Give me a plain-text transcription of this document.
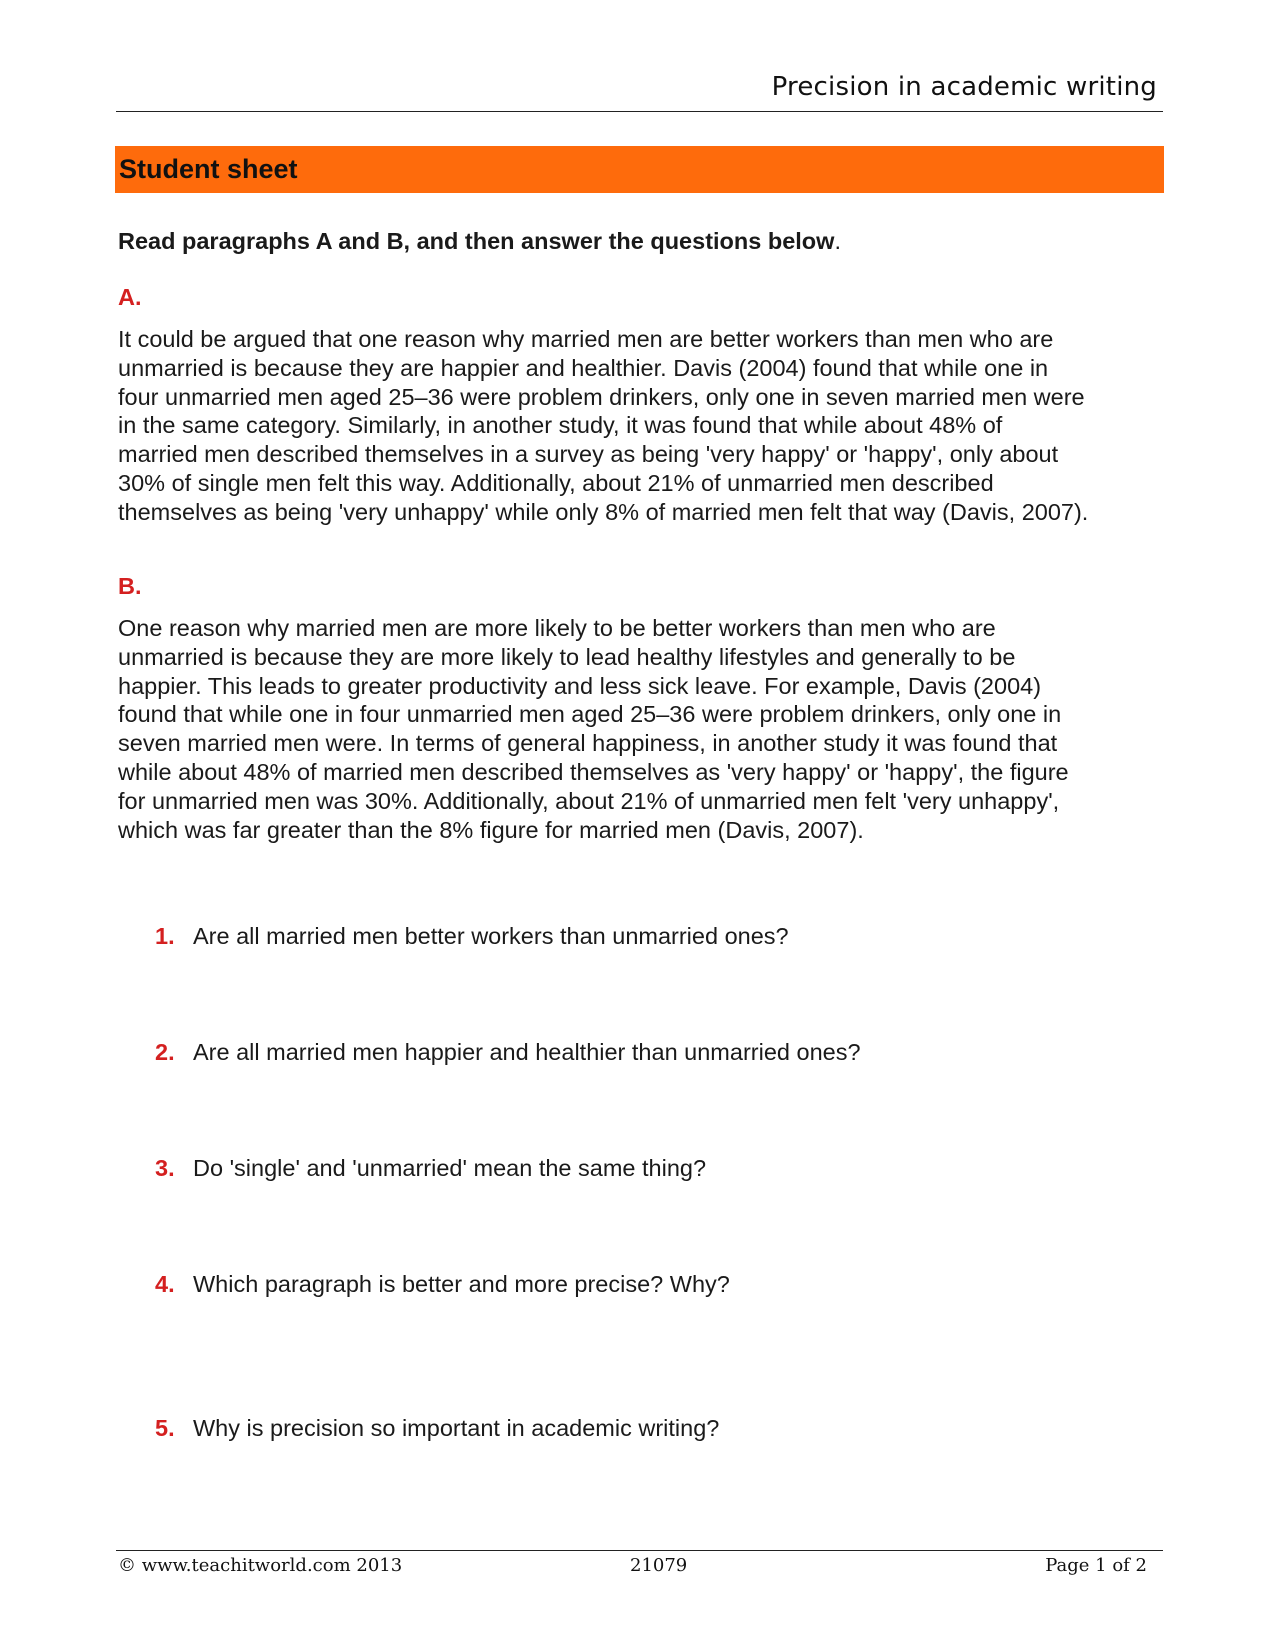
Precision in academic writing
Student sheet
Read paragraphs A and B, and then answer the questions below.
A.

It could be argued that one reason why married men are better workers than men who are

unmarried is because they are happier and healthier. Davis (2004) found that while one in

four unmarried men aged 25–36 were problem drinkers, only one in seven married men were

in the same category. Similarly, in another study, it was found that while about 48% of

married men described themselves in a survey as being 'very happy' or 'happy', only about

30% of single men felt this way. Additionally, about 21% of unmarried men described

themselves as being 'very unhappy' while only 8% of married men felt that way (Davis, 2007).

B.

One reason why married men are more likely to be better workers than men who are

unmarried is because they are more likely to lead healthy lifestyles and generally to be

happier. This leads to greater productivity and less sick leave. For example, Davis (2004)

found that while one in four unmarried men aged 25–36 were problem drinkers, only one in

seven married men were. In terms of general happiness, in another study it was found that

while about 48% of married men described themselves as 'very happy' or 'happy', the figure

for unmarried men was 30%. Additionally, about 21% of unmarried men felt 'very unhappy',

which was far greater than the 8% figure for married men (Davis, 2007).

1. Are all married men better workers than unmarried ones?
2. Are all married men happier and healthier than unmarried ones?
3. Do 'single' and 'unmarried' mean the same thing?
4. Which paragraph is better and more precise? Why?
5. Why is precision so important in academic writing?
© www.teachitworld.com 2013	21079	Page 1 of 2
